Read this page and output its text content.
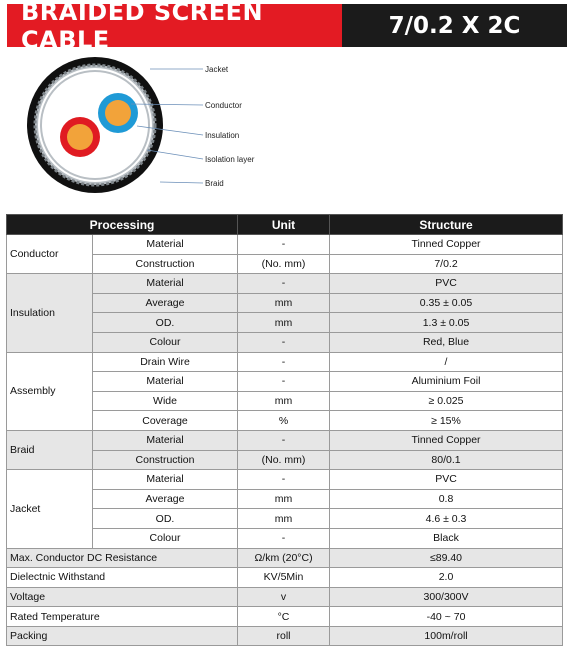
BRAIDED SCREEN CABLE	7/0.2 X 2C
Jacket
Conductor
Insulation
Isolation layer
Braid
Processing		Unit	Structure
Conductor	Material	-	Tinned Copper
	Construction	(No. mm)	7/0.2
Insulation	Material	-	PVC
	Average	mm	0.35 ± 0.05
	OD.	mm	1.3 ± 0.05
	Colour	-	Red, Blue
Assembly	Drain Wire	-	/
	Material	-	Aluminium Foil
	Wide	mm	≥ 0.025
	Coverage	%	≥ 15%
Braid	Material	-	Tinned Copper
	Construction	(No. mm)	80/0.1
Jacket	Material	-	PVC
	Average	mm	0.8
	OD.	mm	4.6 ± 0.3
	Colour	-	Black
Max. Conductor DC Resistance		Ω/km (20°C)	≤89.40
Dielectnic Withstand		KV/5Min	2.0
Voltage		v	300/300V
Rated Temperature		°C	-40 ~ 70
Packing		roll	100m/roll
